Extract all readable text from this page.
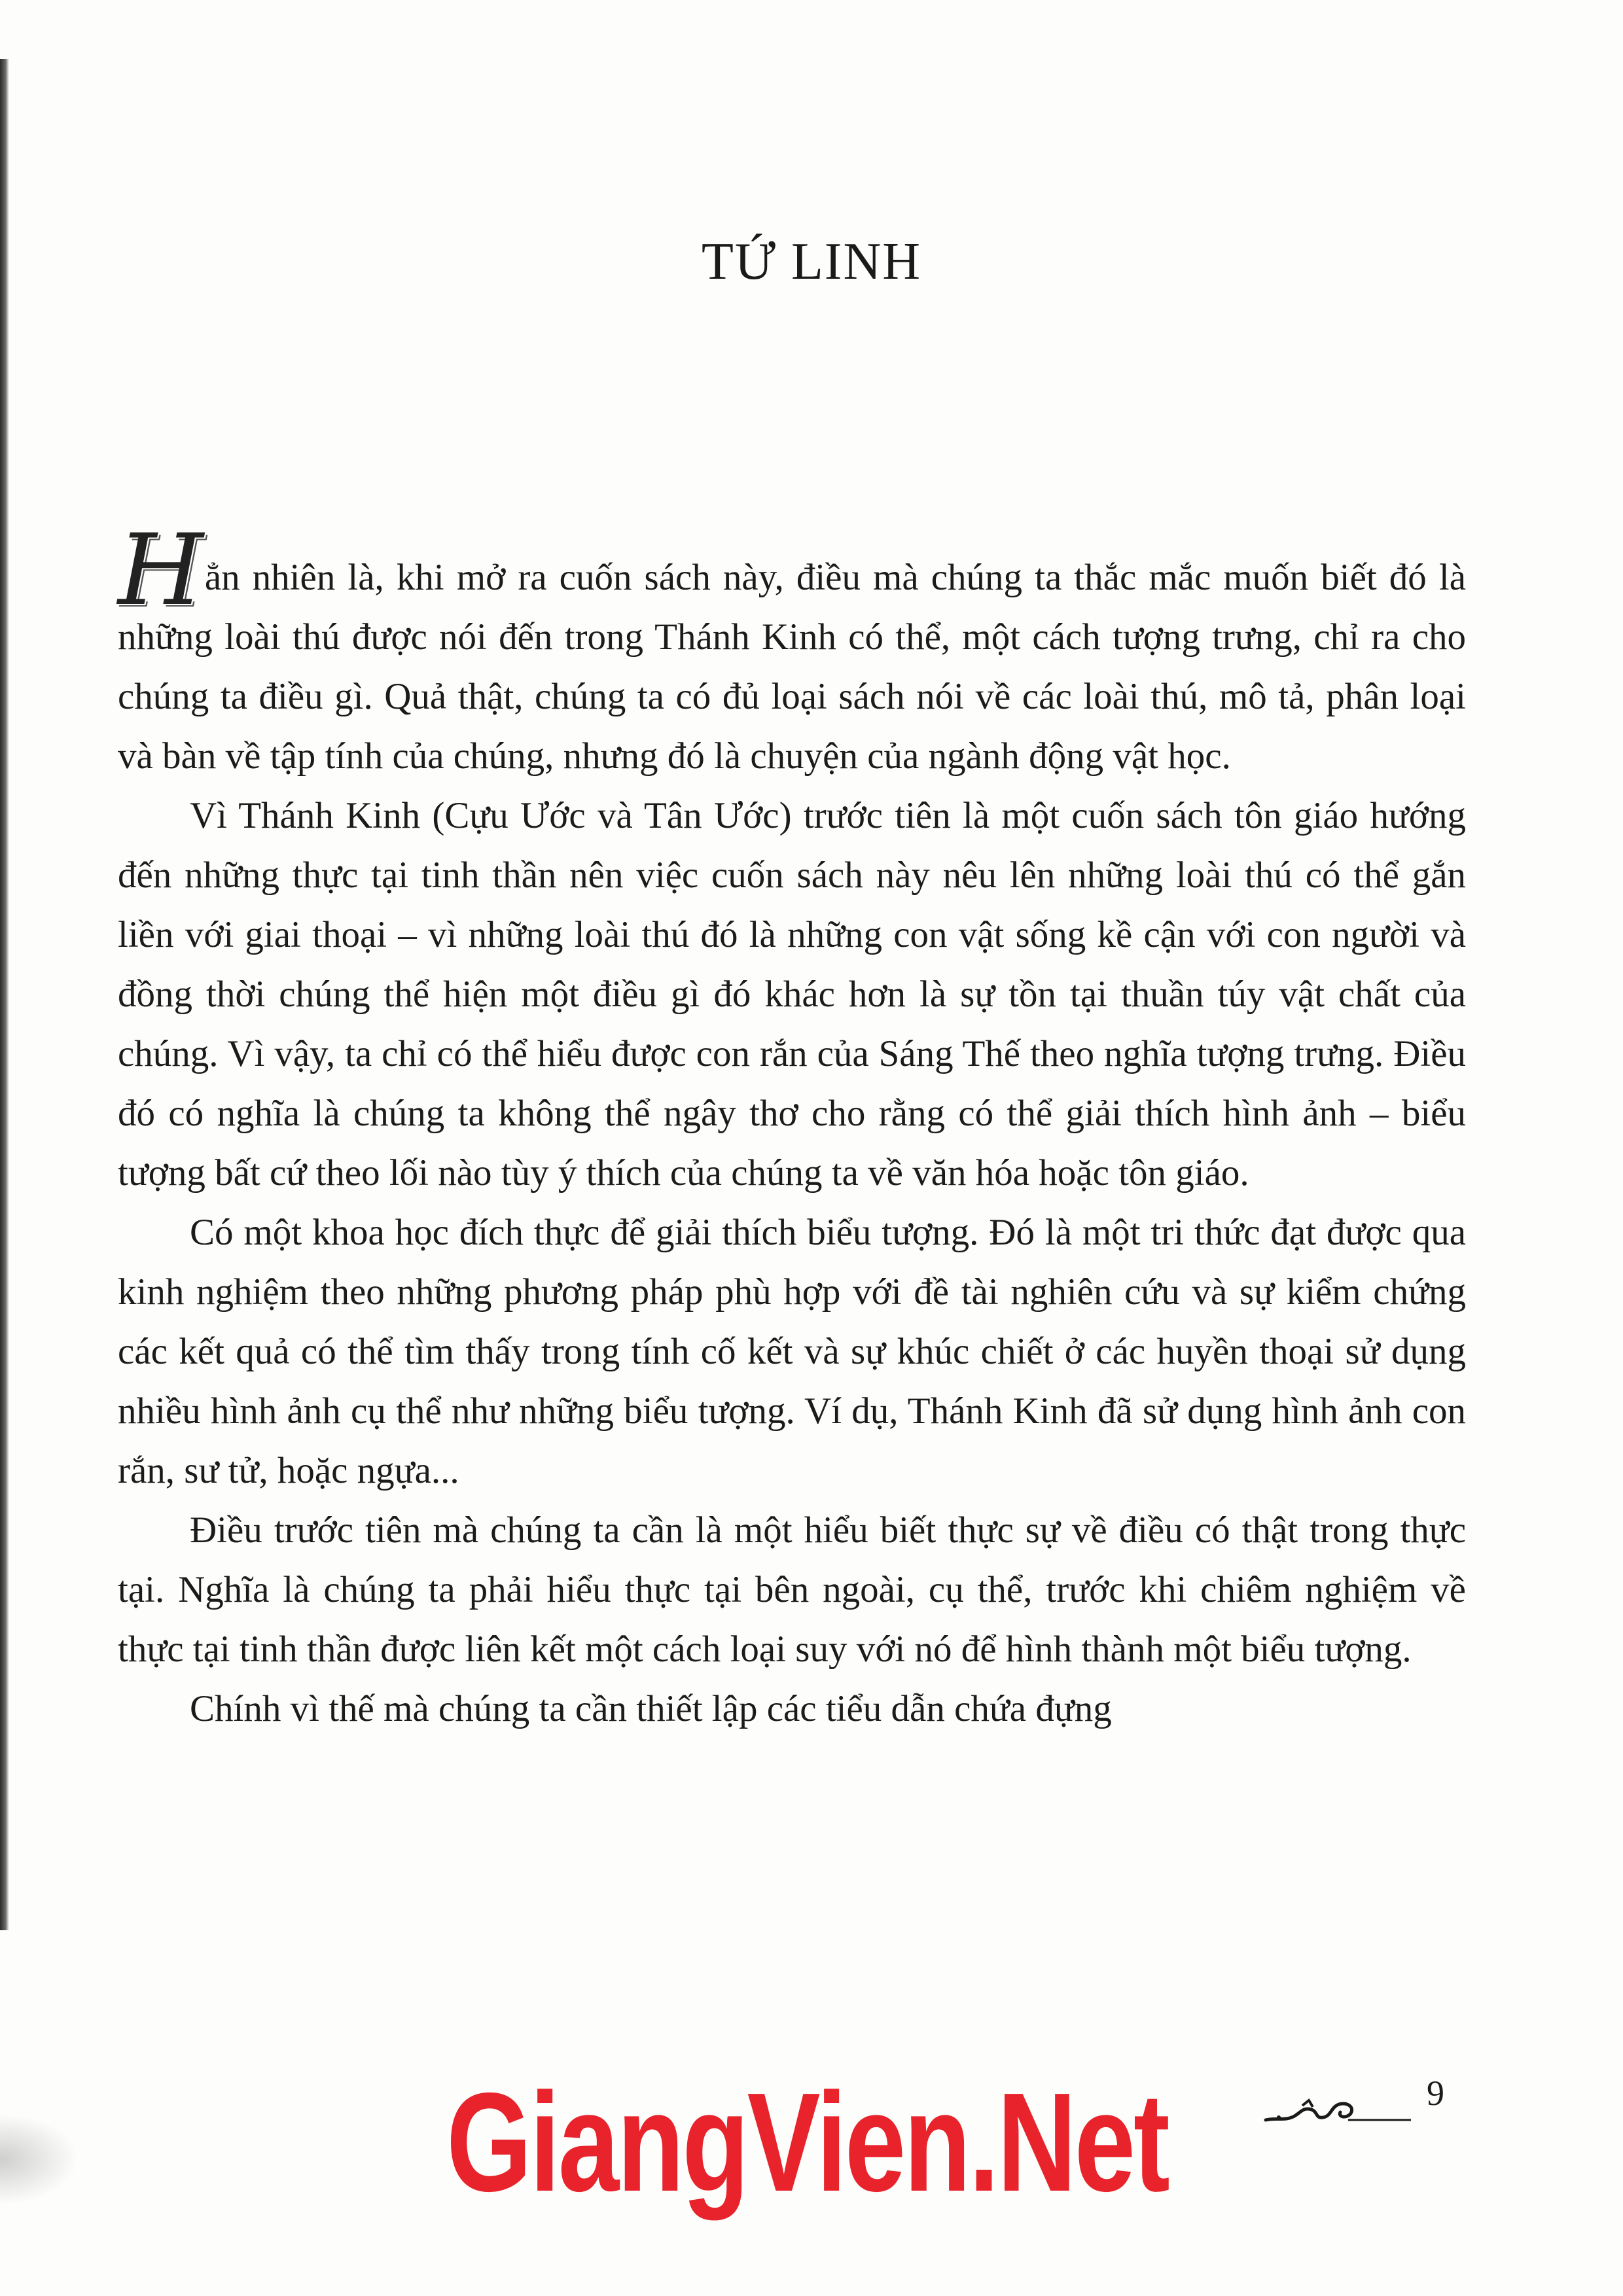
TỨ LINH

Hẳn nhiên là, khi mở ra cuốn sách này, điều mà chúng ta thắc mắc muốn biết đó là những loài thú được nói đến trong Thánh Kinh có thể, một cách tượng trưng, chỉ ra cho chúng ta điều gì. Quả thật, chúng ta có đủ loại sách nói về các loài thú, mô tả, phân loại và bàn về tập tính của chúng, nhưng đó là chuyện của ngành động vật học.

Vì Thánh Kinh (Cựu Ước và Tân Ước) trước tiên là một cuốn sách tôn giáo hướng đến những thực tại tinh thần nên việc cuốn sách này nêu lên những loài thú có thể gắn liền với giai thoại – vì những loài thú đó là những con vật sống kề cận với con người và đồng thời chúng thể hiện một điều gì đó khác hơn là sự tồn tại thuần túy vật chất của chúng. Vì vậy, ta chỉ có thể hiểu được con rắn của Sáng Thế theo nghĩa tượng trưng. Điều đó có nghĩa là chúng ta không thể ngây thơ cho rằng có thể giải thích hình ảnh – biểu tượng bất cứ theo lối nào tùy ý thích của chúng ta về văn hóa hoặc tôn giáo.

Có một khoa học đích thực để giải thích biểu tượng. Đó là một tri thức đạt được qua kinh nghiệm theo những phương pháp phù hợp với đề tài nghiên cứu và sự kiểm chứng các kết quả có thể tìm thấy trong tính cố kết và sự khúc chiết ở các huyền thoại sử dụng nhiều hình ảnh cụ thể như những biểu tượng. Ví dụ, Thánh Kinh đã sử dụng hình ảnh con rắn, sư tử, hoặc ngựa...

Điều trước tiên mà chúng ta cần là một hiểu biết thực sự về điều có thật trong thực tại. Nghĩa là chúng ta phải hiểu thực tại bên ngoài, cụ thể, trước khi chiêm nghiệm về thực tại tinh thần được liên kết một cách loại suy với nó để hình thành một biểu tượng.

Chính vì thế mà chúng ta cần thiết lập các tiểu dẫn chứa đựng

9
GiangVien.Net
